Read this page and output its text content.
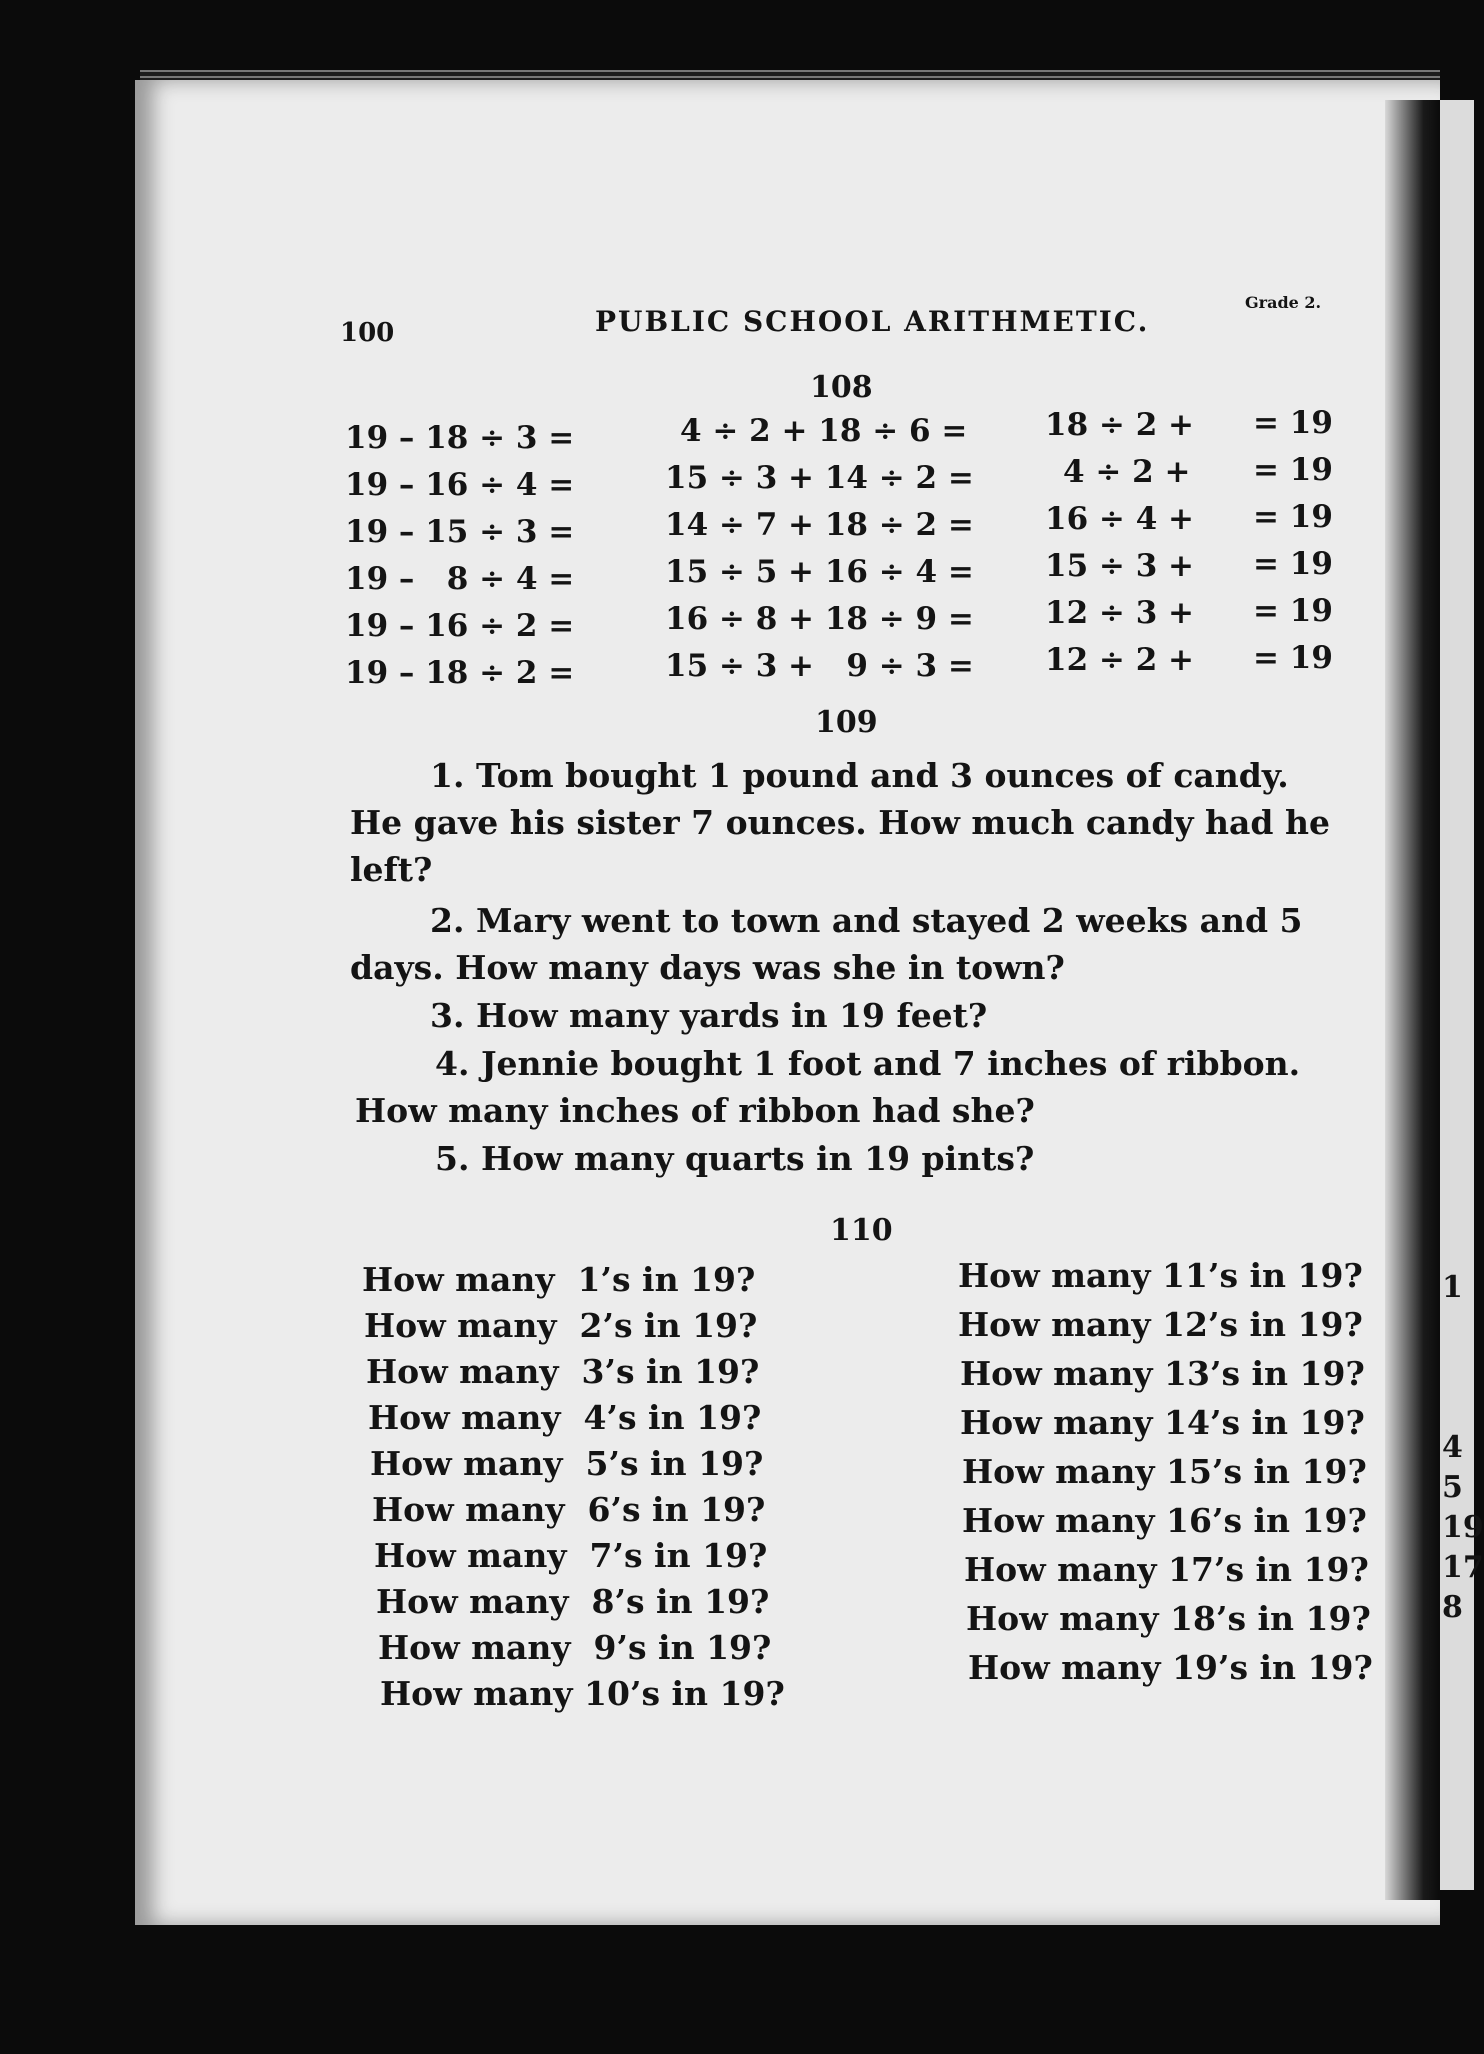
1
4
5
19
17
8
100	PUBLIC SCHOOL ARITHMETIC.
Grade 2.
108
19 – 18 ÷ 3 =
19 – 16 ÷ 4 =
19 – 15 ÷ 3 =
19 –   8 ÷ 4 =
19 – 16 ÷ 2 =
19 – 18 ÷ 2 =
4 ÷ 2 + 18 ÷ 6 =
15 ÷ 3 + 14 ÷ 2 =
14 ÷ 7 + 18 ÷ 2 =
15 ÷ 5 + 16 ÷ 4 =
16 ÷ 8 + 18 ÷ 9 =
15 ÷ 3 +   9 ÷ 3 =
18 ÷ 2 +
4 ÷ 2 +
16 ÷ 4 +
15 ÷ 3 +
12 ÷ 3 +
12 ÷ 2 +
= 19
= 19
= 19
= 19
= 19
= 19
109
1. Tom bought 1 pound and 3 ounces of candy. He gave his sister 7 ounces. How much candy had he left?
2. Mary went to town and stayed 2 weeks and 5 days. How many days was she in town?
3. How many yards in 19 feet?
4. Jennie bought 1 foot and 7 inches of ribbon. How many inches of ribbon had she?
5. How many quarts in 19 pints?
110
How many  1’s in 19?
How many  2’s in 19?
How many  3’s in 19?
How many  4’s in 19?
How many  5’s in 19?
How many  6’s in 19?
How many  7’s in 19?
How many  8’s in 19?
How many  9’s in 19?
How many 10’s in 19?
How many 11’s in 19?
How many 12’s in 19?
How many 13’s in 19?
How many 14’s in 19?
How many 15’s in 19?
How many 16’s in 19?
How many 17’s in 19?
How many 18’s in 19?
How many 19’s in 19?
